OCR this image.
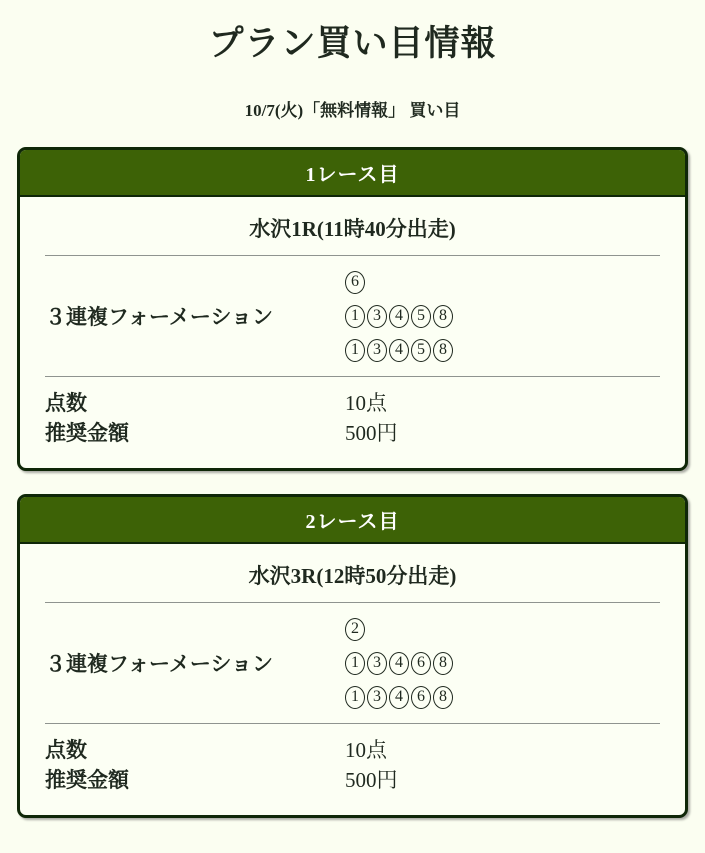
プラン買い目情報

10/7(火)「無料情報」 買い目

1レース目
水沢1R(11時40分出走)
３連複フォーメーション
6
1 3 4 5 8
1 3 4 5 8
点数	10点
推奨金額	500円
2レース目
水沢3R(12時50分出走)
３連複フォーメーション
2
1 3 4 6 8
1 3 4 6 8
点数	10点
推奨金額	500円
